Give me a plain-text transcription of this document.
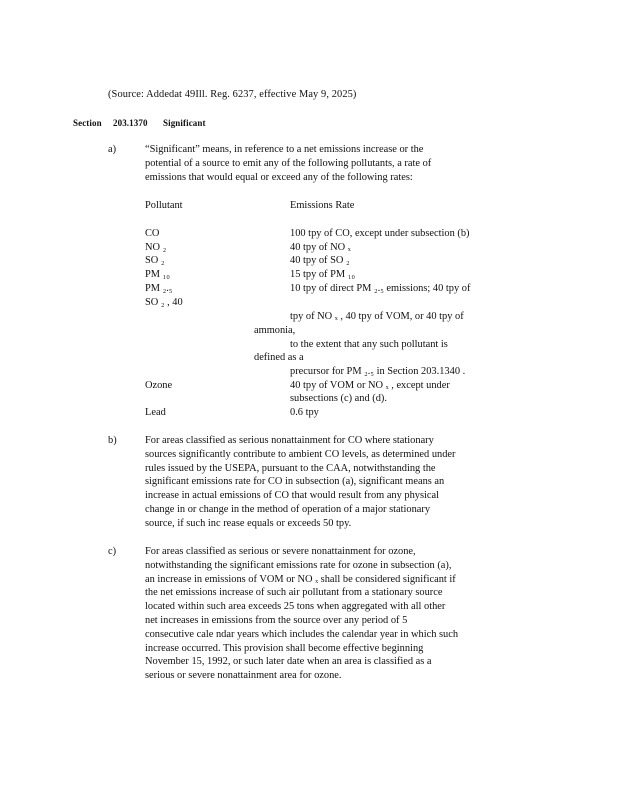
(Source: Addedat 49Ill. Reg. 6237, effective May 9, 2025)
Section 203.1370 Significant
a)	“Significant” means, in reference to a net emissions increase or the
potential of a source to emit any of the following pollutants, a rate of
emissions that would equal or exceed any of the following rates:
Pollutant	Emissions Rate
CO	100 tpy of CO, except under subsection (b)
NO ₂	40 tpy of NO ₓ
SO ₂	40 tpy of SO ₂
PM ₁₀	15 tpy of PM ₁₀
PM ₂.₅	10 tpy of direct PM ₂.₅ emissions; 40 tpy of
SO ₂ , 40
tpy of NO ₓ , 40 tpy of VOM, or 40 tpy of
ammonia,
to the extent that any such pollutant is
defined as a
precursor for PM ₂.₅ in Section 203.1340 .
Ozone	40 tpy of VOM or NO ₓ , except under
subsections (c) and (d).
Lead	0.6 tpy
b)	For areas classified as serious nonattainment for CO where stationary
sources significantly contribute to ambient CO levels, as determined under
rules issued by the USEPA, pursuant to the CAA, notwithstanding the
significant emissions rate for CO in subsection (a), significant means an
increase in actual emissions of CO that would result from any physical
change in or change in the method of operation of a major stationary
source, if such inc rease equals or exceeds 50 tpy.
c)	For areas classified as serious or severe nonattainment for ozone,
notwithstanding the significant emissions rate for ozone in subsection (a),
an increase in emissions of VOM or NO ₓ shall be considered significant if
the net emissions increase of such air pollutant from a stationary source
located within such area exceeds 25 tons when aggregated with all other
net increases in emissions from the source over any period of 5
consecutive cale ndar years which includes the calendar year in which such
increase occurred. This provision shall become effective beginning
November 15, 1992, or such later date when an area is classified as a
serious or severe nonattainment area for ozone.
